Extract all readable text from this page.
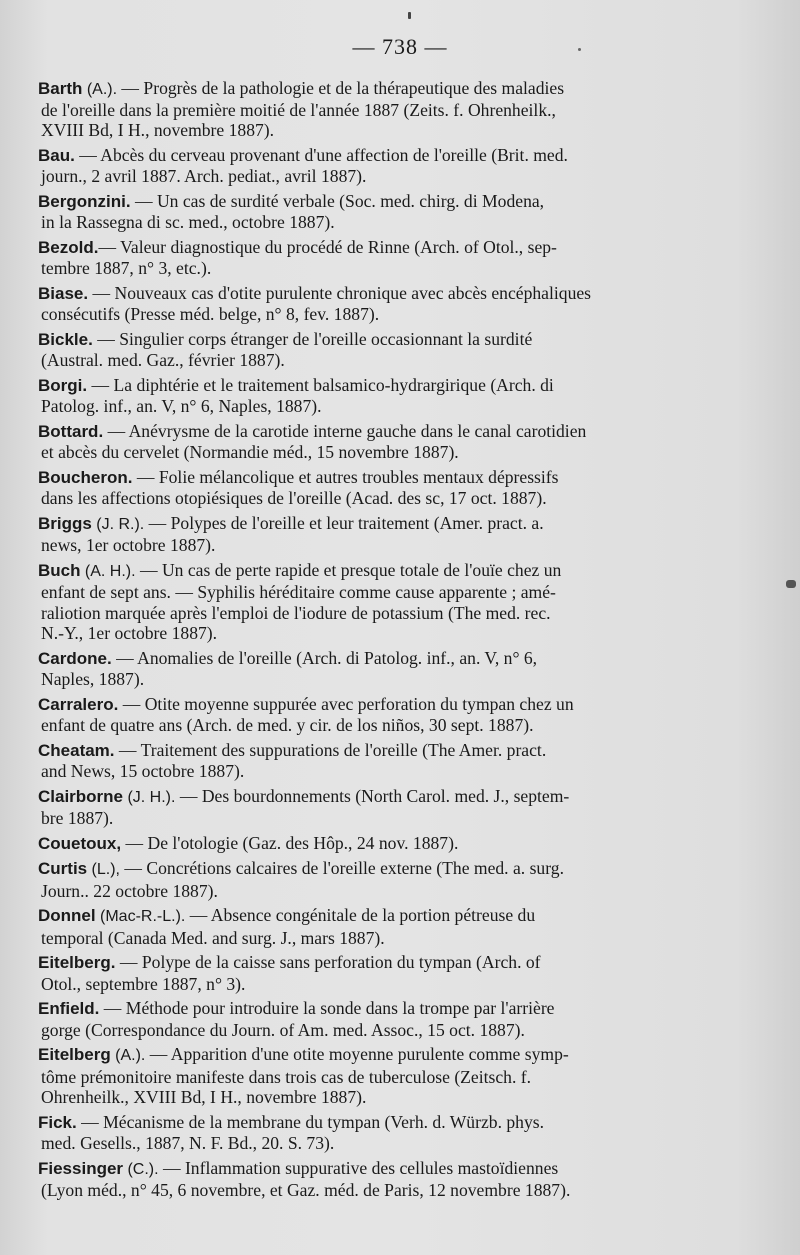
— 738 —
Barth (A.). — Progrès de la pathologie et de la thérapeutique des maladies
de l'oreille dans la première moitié de l'année 1887 (Zeits. f. Ohrenheilk.,
XVIII Bd, I H., novembre 1887).
Bau. — Abcès du cerveau provenant d'une affection de l'oreille (Brit. med.
journ., 2 avril 1887. Arch. pediat., avril 1887).
Bergonzini. — Un cas de surdité verbale (Soc. med. chirg. di Modena,
in la Rassegna di sc. med., octobre 1887).
Bezold.— Valeur diagnostique du procédé de Rinne (Arch. of Otol., sep-
tembre 1887, n° 3, etc.).
Biase. — Nouveaux cas d'otite purulente chronique avec abcès encéphaliques
consécutifs (Presse méd. belge, n° 8, fev. 1887).
Bickle. — Singulier corps étranger de l'oreille occasionnant la surdité
(Austral. med. Gaz., février 1887).
Borgi. — La diphtérie et le traitement balsamico-hydrargirique (Arch. di
Patolog. inf., an. V, n° 6, Naples, 1887).
Bottard. — Anévrysme de la carotide interne gauche dans le canal carotidien
et abcès du cervelet (Normandie méd., 15 novembre 1887).
Boucheron. — Folie mélancolique et autres troubles mentaux dépressifs
dans les affections otopiésiques de l'oreille (Acad. des sc, 17 oct. 1887).
Briggs (J. R.). — Polypes de l'oreille et leur traitement (Amer. pract. a.
news, 1er octobre 1887).
Buch (A. H.). — Un cas de perte rapide et presque totale de l'ouïe chez un
enfant de sept ans. — Syphilis héréditaire comme cause apparente ; amé-
raliotion marquée après l'emploi de l'iodure de potassium (The med. rec.
N.-Y., 1er octobre 1887).
Cardone. — Anomalies de l'oreille (Arch. di Patolog. inf., an. V, n° 6,
Naples, 1887).
Carralero. — Otite moyenne suppurée avec perforation du tympan chez un
enfant de quatre ans (Arch. de med. y cir. de los niños, 30 sept. 1887).
Cheatam. — Traitement des suppurations de l'oreille (The Amer. pract.
and News, 15 octobre 1887).
Clairborne (J. H.). — Des bourdonnements (North Carol. med. J., septem-
bre 1887).
Couetoux, — De l'otologie (Gaz. des Hôp., 24 nov. 1887).
Curtis (L.), — Concrétions calcaires de l'oreille externe (The med. a. surg.
Journ.. 22 octobre 1887).
Donnel (Mac-R.-L.). — Absence congénitale de la portion pétreuse du
temporal (Canada Med. and surg. J., mars 1887).
Eitelberg. — Polype de la caisse sans perforation du tympan (Arch. of
Otol., septembre 1887, n° 3).
Enfield. — Méthode pour introduire la sonde dans la trompe par l'arrière
gorge (Correspondance du Journ. of Am. med. Assoc., 15 oct. 1887).
Eitelberg (A.). — Apparition d'une otite moyenne purulente comme symp-
tôme prémonitoire manifeste dans trois cas de tuberculose (Zeitsch. f.
Ohrenheilk., XVIII Bd, I H., novembre 1887).
Fick. — Mécanisme de la membrane du tympan (Verh. d. Würzb. phys.
med. Gesells., 1887, N. F. Bd., 20. S. 73).
Fiessinger (C.). — Inflammation suppurative des cellules mastoïdiennes
(Lyon méd., n° 45, 6 novembre, et Gaz. méd. de Paris, 12 novembre 1887).
